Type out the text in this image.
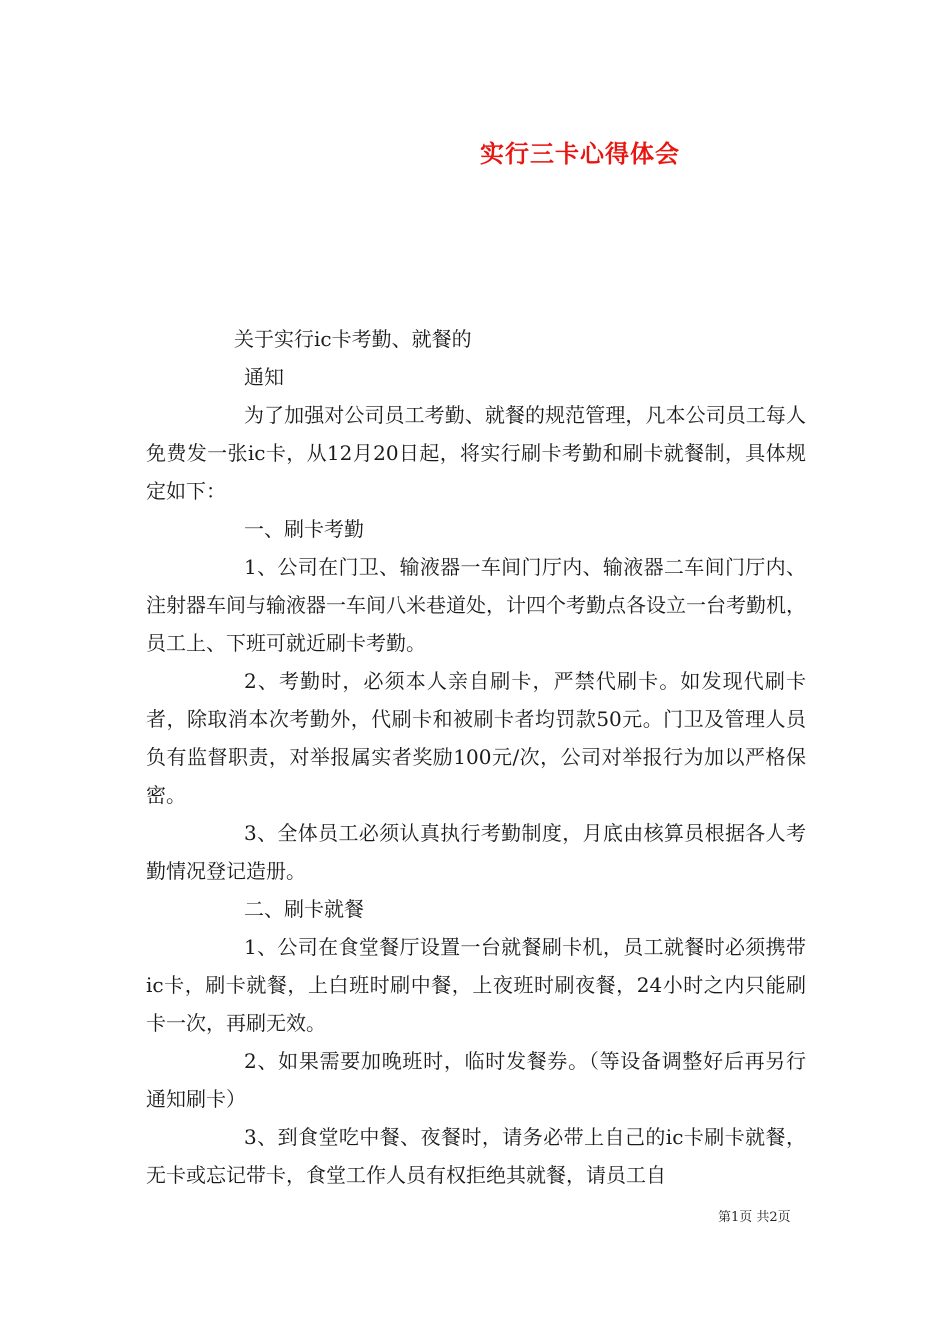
实行三卡心得体会

关于实行ic卡考勤、就餐的

通知

为了加强对公司员工考勤、就餐的规范管理，凡本公司员工每人免费发一张ic卡，从12月20日起，将实行刷卡考勤和刷卡就餐制，具体规定如下：

一、刷卡考勤

1、公司在门卫、输液器一车间门厅内、输液器二车间门厅内、注射器车间与输液器一车间八米巷道处，计四个考勤点各设立一台考勤机，员工上、下班可就近刷卡考勤。

2、考勤时，必须本人亲自刷卡，严禁代刷卡。如发现代刷卡者，除取消本次考勤外，代刷卡和被刷卡者均罚款50元。门卫及管理人员负有监督职责，对举报属实者奖励100元/次，公司对举报行为加以严格保密。

3、全体员工必须认真执行考勤制度，月底由核算员根据各人考勤情况登记造册。

二、刷卡就餐

1、公司在食堂餐厅设置一台就餐刷卡机，员工就餐时必须携带ic卡，刷卡就餐，上白班时刷中餐，上夜班时刷夜餐，24小时之内只能刷卡一次，再刷无效。

2、如果需要加晚班时，临时发餐券。（等设备调整好后再另行通知刷卡）

3、到食堂吃中餐、夜餐时，请务必带上自己的ic卡刷卡就餐，无卡或忘记带卡，食堂工作人员有权拒绝其就餐，请员工自

第1页 共2页
